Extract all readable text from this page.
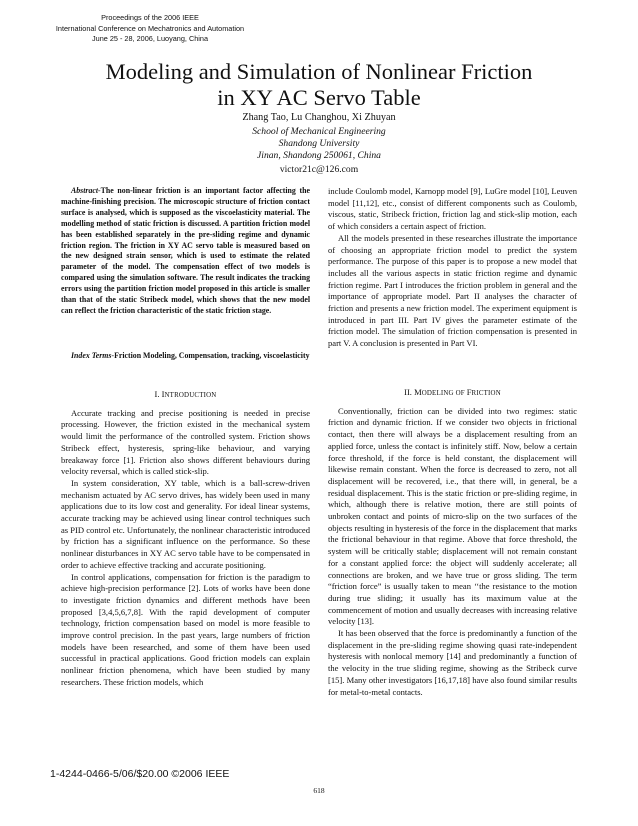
Proceedings of the 2006 IEEE
International Conference on Mechatronics and Automation
June 25 - 28, 2006, Luoyang, China
Modeling and Simulation of Nonlinear Friction
in XY AC Servo Table
Zhang Tao, Lu Changhou, Xi Zhuyan
School of Mechanical Engineering
Shandong University
Jinan, Shandong 250061, China
victor21c@126.com
Abstract-The non-linear friction is an important factor affecting the machine-finishing precision. The microscopic structure of friction contact surface is analysed, which is supposed as the viscoelasticity material. The modelling method of static friction is discussed. A partition friction model has been established separately in the pre-sliding regime and dynamic friction region. The friction in XY AC servo table is measured based on the new designed strain sensor, which is used to estimate the related parameter of the model. The compensation effect of two models is compared using the simulation software. The result indicates the tracking errors using the partition friction model proposed in this article is smaller than that of the static Stribeck model, which shows that the new model can reflect the friction characteristic of the static friction stage.
Index Terms-Friction Modeling, Compensation, tracking, viscoelasticity
I. INTRODUCTION

Accurate tracking and precise positioning is needed in precise processing. However, the friction existed in the mechanical system would limit the performance of the controlled system. Friction shows Stribeck effect, hysteresis, spring-like behaviour, and varying breakaway force [1]. Friction also shows different behaviours during velocity reversal, which is called stick-slip.

In system consideration, XY table, which is a ball-screw-driven mechanism actuated by AC servo drives, has widely been used in many applications due to its low cost and generality. For ideal linear systems, accurate tracking may be achieved using linear control techniques such as PID control etc. Unfortunately, the nonlinear characteristic introduced by friction has a significant influence on the performance. So these nonlinear disturbances in XY AC servo table have to be compensated in order to achieve effective tracking and accurate positioning.

In control applications, compensation for friction is the paradigm to achieve high-precision performance [2]. Lots of works have been done to investigate friction dynamics and different methods have been proposed [3,4,5,6,7,8]. With the rapid development of computer technology, friction compensation based on model is more feasible to improve control precision. In the past years, large numbers of friction models have been researched, and some of them have been used successful in practical applications. Good friction models can explain nonlinear friction phenomena, which have been studied by many researchers. These friction models, which

include Coulomb model, Karnopp model [9], LuGre model [10], Leuven model [11,12], etc., consist of different components such as Coulomb, viscous, static, Stribeck friction, friction lag and stick-slip motion, each of which considers a certain aspect of friction.

All the models presented in these researches illustrate the importance of choosing an appropriate friction model to predict the system performance. The purpose of this paper is to propose a new model that includes all the various aspects in static friction regime and dynamic friction regime. Part I introduces the friction problem in general and the importance of appropriate model. Part II analyses the character of friction and presents a new friction model. The experiment equipment is introduced in part III. Part IV gives the parameter estimate of the friction model. The simulation of friction compensation is presented in part V. A conclusion is presented in Part VI.

II. MODELING OF FRICTION

Conventionally, friction can be divided into two regimes: static friction and dynamic friction. If we consider two objects in frictional contact, then there will always be a displacement resulting from an applied force, unless the contact is infinitely stiff. Now, below a certain force threshold, if the force is held constant, the displacement will likewise remain constant. When the force is decreased to zero, not all displacement will be recovered, i.e., that there will, in general, be a residual displacement. This is the static friction or pre-sliding regime, in which, although there is relative motion, there are still points of unbroken contact and points of micro-slip on the two surfaces of the objects resulting in hysteresis of the force in the displacement that marks the frictional behaviour in that regime. Above that force threshold, the system will be critically stable; displacement will not remain constant for a constant applied force: the object will suddenly accelerate; all connections are broken, and we have true or gross sliding. The term “friction force” is usually taken to mean ‘‘the resistance to the motion during true sliding; it usually has its maximum value at the commencement of motion and usually decreases with increasing relative velocity [13].

It has been observed that the force is predominantly a function of the displacement in the pre-sliding regime showing quasi rate-independent hysteresis with nonlocal memory [14] and predominantly a function of the velocity in the true sliding regime, showing as the Stribeck curve [15]. Many other investigators [16,17,18] have also found similar results for metal-to-metal contacts.

1-4244-0466-5/06/$20.00 ©2006 IEEE
618
